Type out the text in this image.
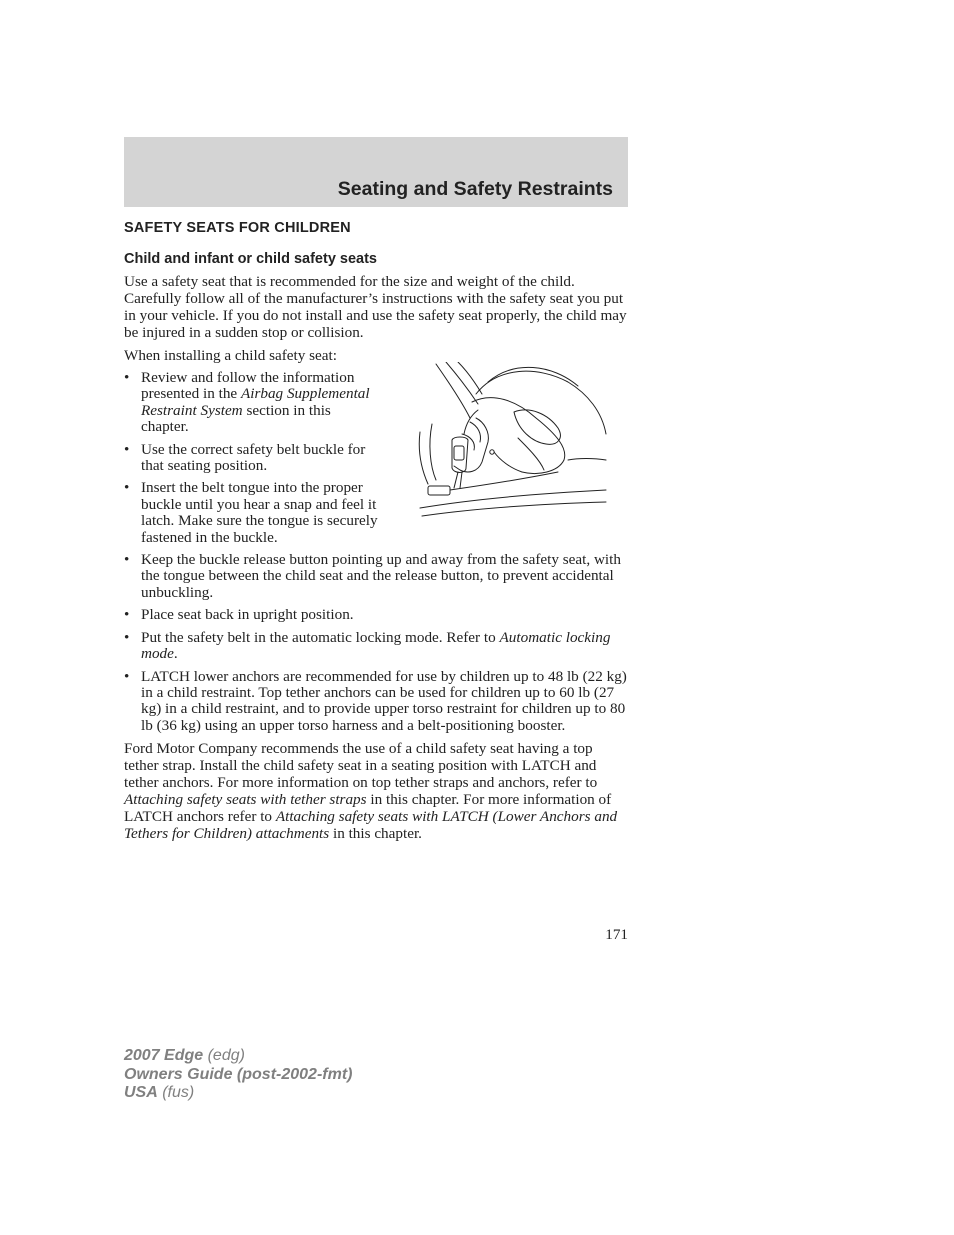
Seating and Safety Restraints
SAFETY SEATS FOR CHILDREN
Child and infant or child safety seats

Use a safety seat that is recommended for the size and weight of the child. Carefully follow all of the manufacturer’s instructions with the safety seat you put in your vehicle. If you do not install and use the safety seat properly, the child may be injured in a sudden stop or collision.

When installing a child safety seat:

• Review and follow the information presented in the Airbag Supplemental Restraint System section in this chapter.
• Use the correct safety belt buckle for that seating position.
• Insert the belt tongue into the proper buckle until you hear a snap and feel it latch. Make sure the tongue is securely fastened in the buckle.
• Keep the buckle release button pointing up and away from the safety seat, with the tongue between the child seat and the release button, to prevent accidental unbuckling.
• Place seat back in upright position.
• Put the safety belt in the automatic locking mode. Refer to Automatic locking mode.
• LATCH lower anchors are recommended for use by children up to 48 lb (22 kg) in a child restraint. Top tether anchors can be used for children up to 60 lb (27 kg) in a child restraint, and to provide upper torso restraint for children up to 80 lb (36 kg) using an upper torso harness and a belt-positioning booster.

Ford Motor Company recommends the use of a child safety seat having a top tether strap. Install the child safety seat in a seating position with LATCH and tether anchors. For more information on top tether straps and anchors, refer to Attaching safety seats with tether straps in this chapter. For more information of LATCH anchors refer to Attaching safety seats with LATCH (Lower Anchors and Tethers for Children) attachments in this chapter.

171
2007 Edge (edg)
Owners Guide (post-2002-fmt)
USA (fus)
